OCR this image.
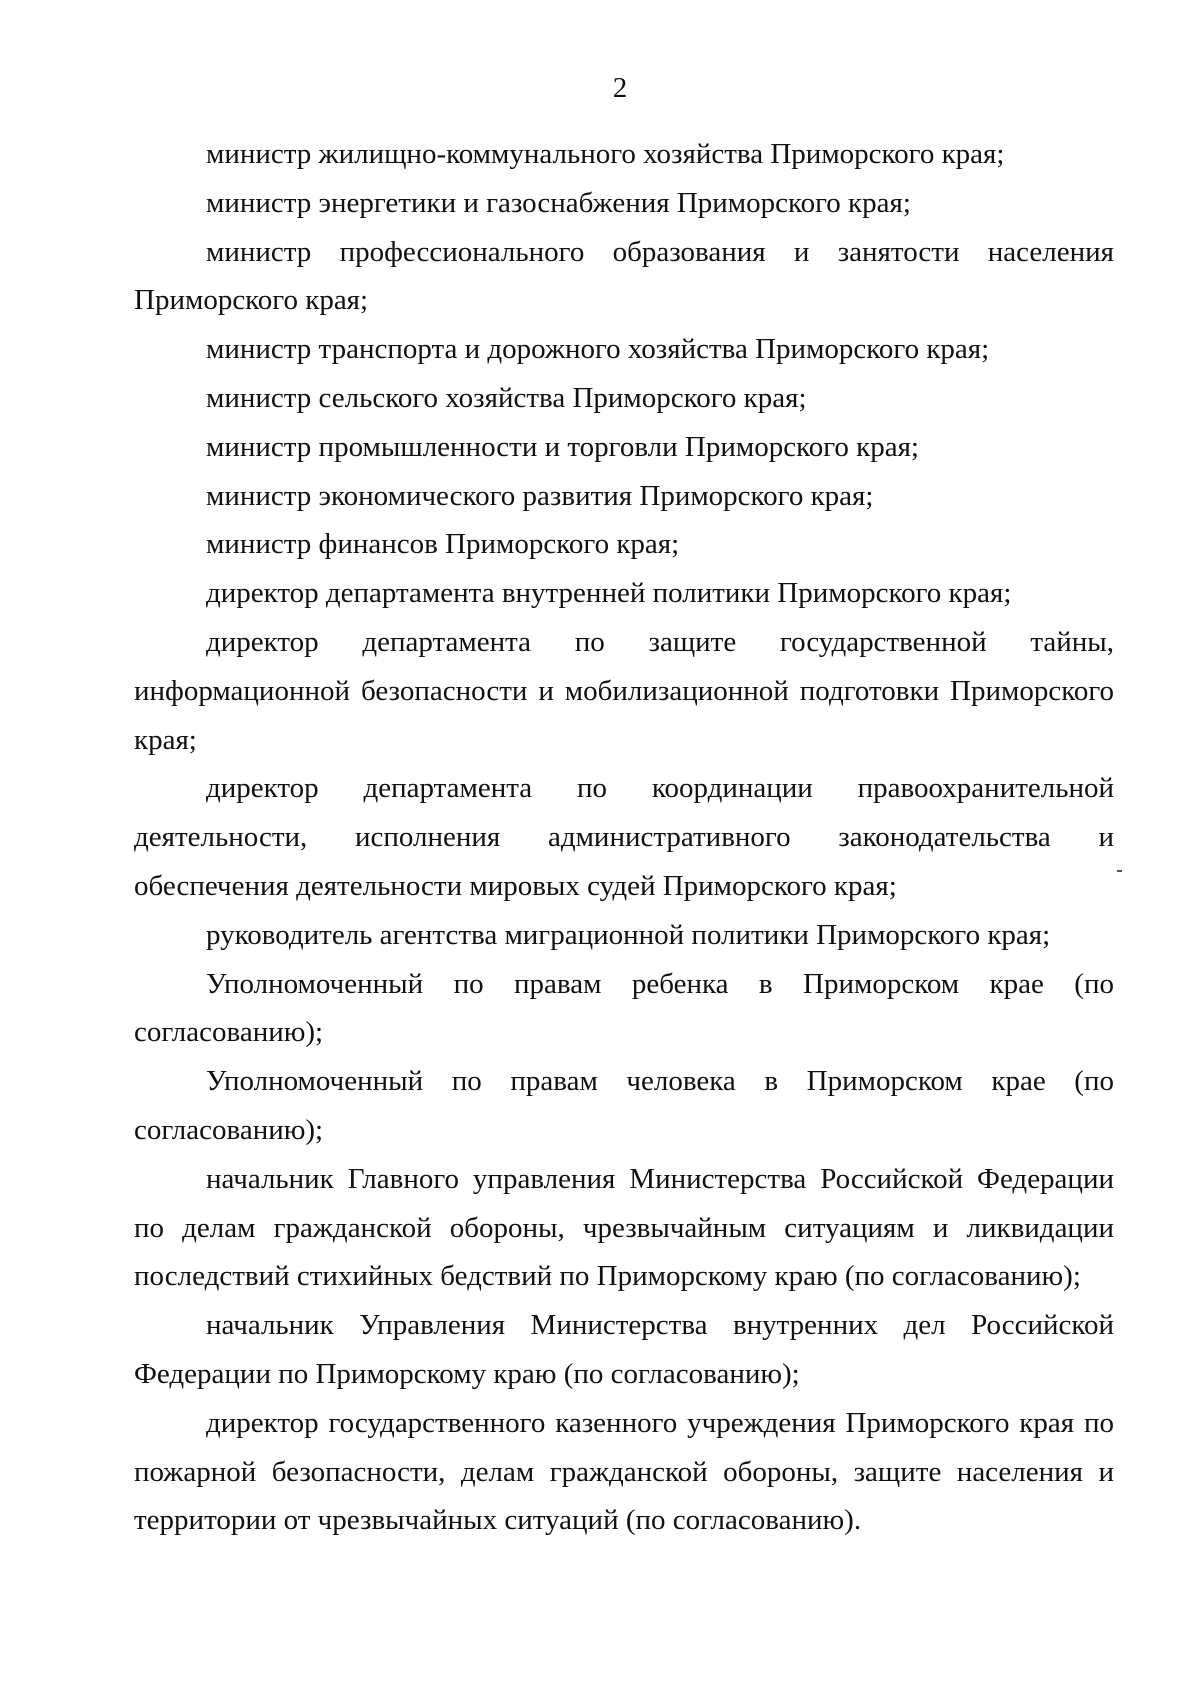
2

министр жилищно-коммунального хозяйства Приморского края;

министр энергетики и газоснабжения Приморского края;

министр профессионального образования и занятости населения Приморского края;

министр транспорта и дорожного хозяйства Приморского края;

министр сельского хозяйства Приморского края;

министр промышленности и торговли Приморского края;

министр экономического развития Приморского края;

министр финансов Приморского края;

директор департамента внутренней политики Приморского края;

директор департамента по защите государственной тайны, информационной безопасности и мобилизационной подготовки Приморского края;

директор департамента по координации правоохранительной деятельности, исполнения административного законодательства и обеспечения деятельности мировых судей Приморского края;

руководитель агентства миграционной политики Приморского края;

Уполномоченный по правам ребенка в Приморском крае (по согласованию);

Уполномоченный по правам человека в Приморском крае (по согласованию);

начальник Главного управления Министерства Российской Федерации по делам гражданской обороны, чрезвычайным ситуациям и ликвидации последствий стихийных бедствий по Приморскому краю (по согласованию);

начальник Управления Министерства внутренних дел Российской Федерации по Приморскому краю (по согласованию);

директор государственного казенного учреждения Приморского края по пожарной безопасности, делам гражданской обороны, защите населения и территории от чрезвычайных ситуаций (по согласованию).
